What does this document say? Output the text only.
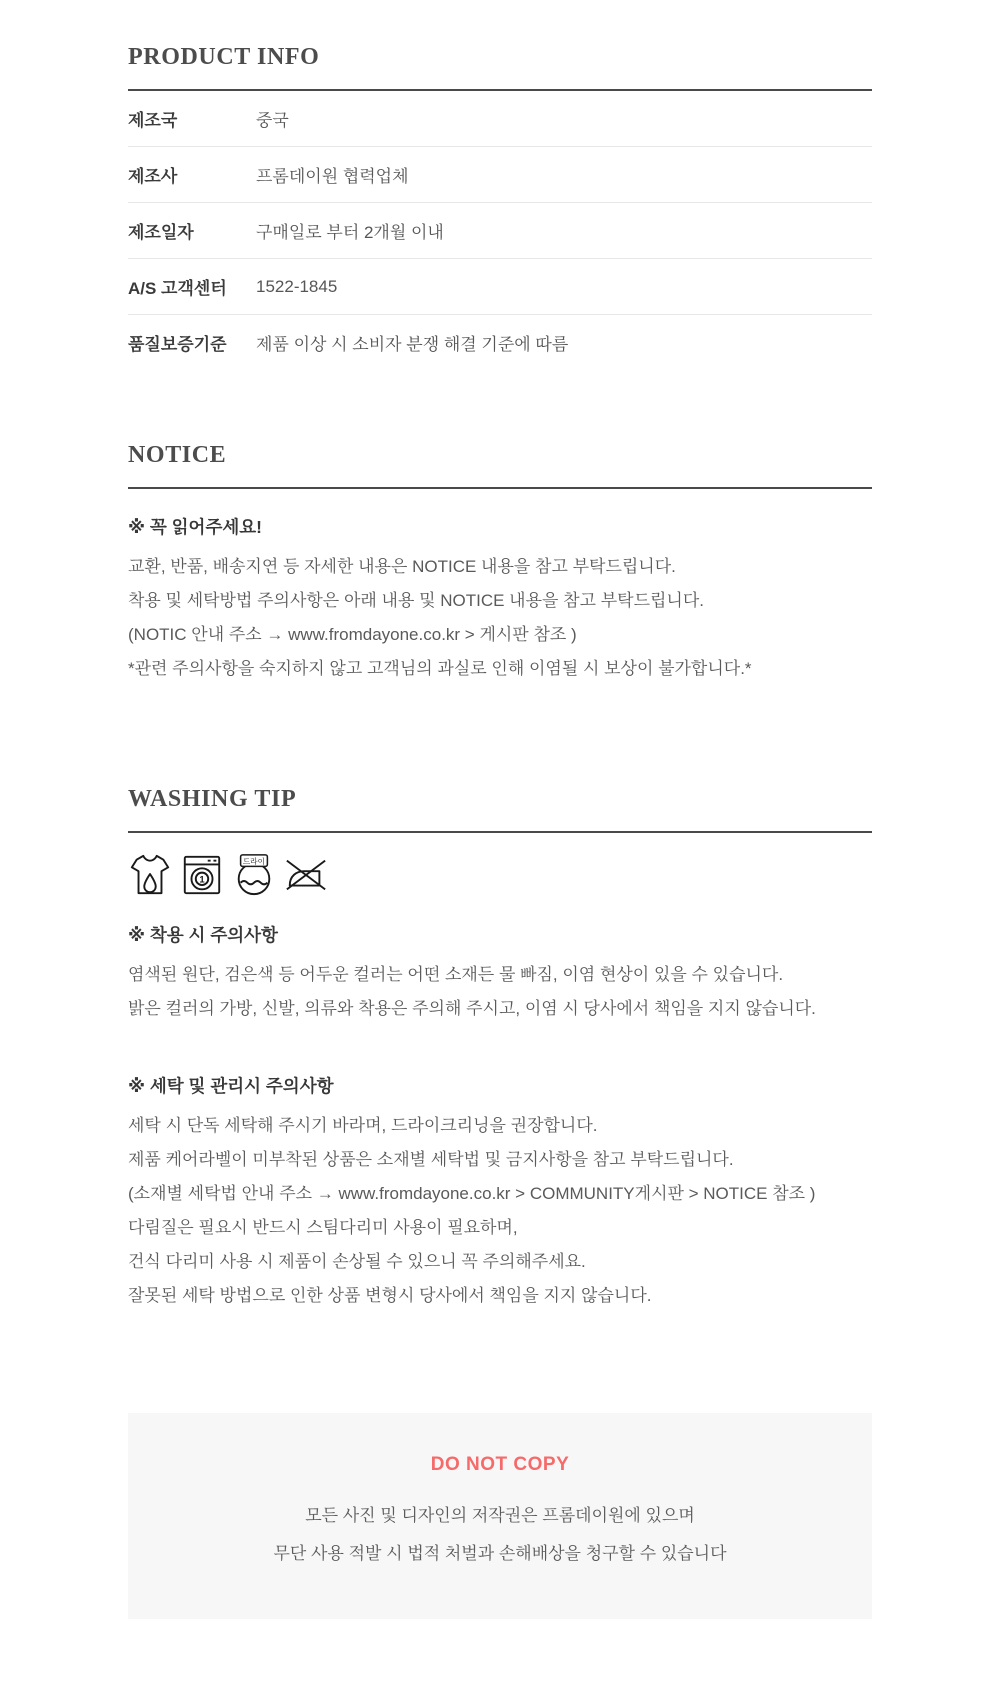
PRODUCT INFO
제조국	중국
제조사	프롬데이원 협력업체
제조일자	구매일로 부터 2개월 이내
A/S 고객센터	1522-1845
품질보증기준	제품 이상 시 소비자 분쟁 해결 기준에 따름
NOTICE

※ 꼭 읽어주세요!

교환, 반품, 배송지연 등 자세한 내용은 NOTICE 내용을 참고 부탁드립니다.

착용 및 세탁방법 주의사항은 아래 내용 및 NOTICE 내용을 참고 부탁드립니다.

(NOTIC 안내 주소 → www.fromdayone.co.kr > 게시판 참조 )

*관련 주의사항을 숙지하지 않고 고객님의 과실로 인해 이염될 시 보상이 불가합니다.*

WASHING TIP
1
드라이

※ 착용 시 주의사항

염색된 원단, 검은색 등 어두운 컬러는 어떤 소재든 물 빠짐, 이염 현상이 있을 수 있습니다.

밝은 컬러의 가방, 신발, 의류와 착용은 주의해 주시고, 이염 시 당사에서 책임을 지지 않습니다.

※ 세탁 및 관리시 주의사항

세탁 시 단독 세탁해 주시기 바라며, 드라이크리닝을 권장합니다.

제품 케어라벨이 미부착된 상품은 소재별 세탁법 및 금지사항을 참고 부탁드립니다.

(소재별 세탁법 안내 주소 → www.fromdayone.co.kr > COMMUNITY게시판 > NOTICE 참조 )

다림질은 필요시 반드시 스팀다리미 사용이 필요하며,

건식 다리미 사용 시 제품이 손상될 수 있으니 꼭 주의해주세요.

잘못된 세탁 방법으로 인한 상품 변형시 당사에서 책임을 지지 않습니다.

DO NOT COPY

모든 사진 및 디자인의 저작권은 프롬데이원에 있으며

무단 사용 적발 시 법적 처벌과 손해배상을 청구할 수 있습니다
